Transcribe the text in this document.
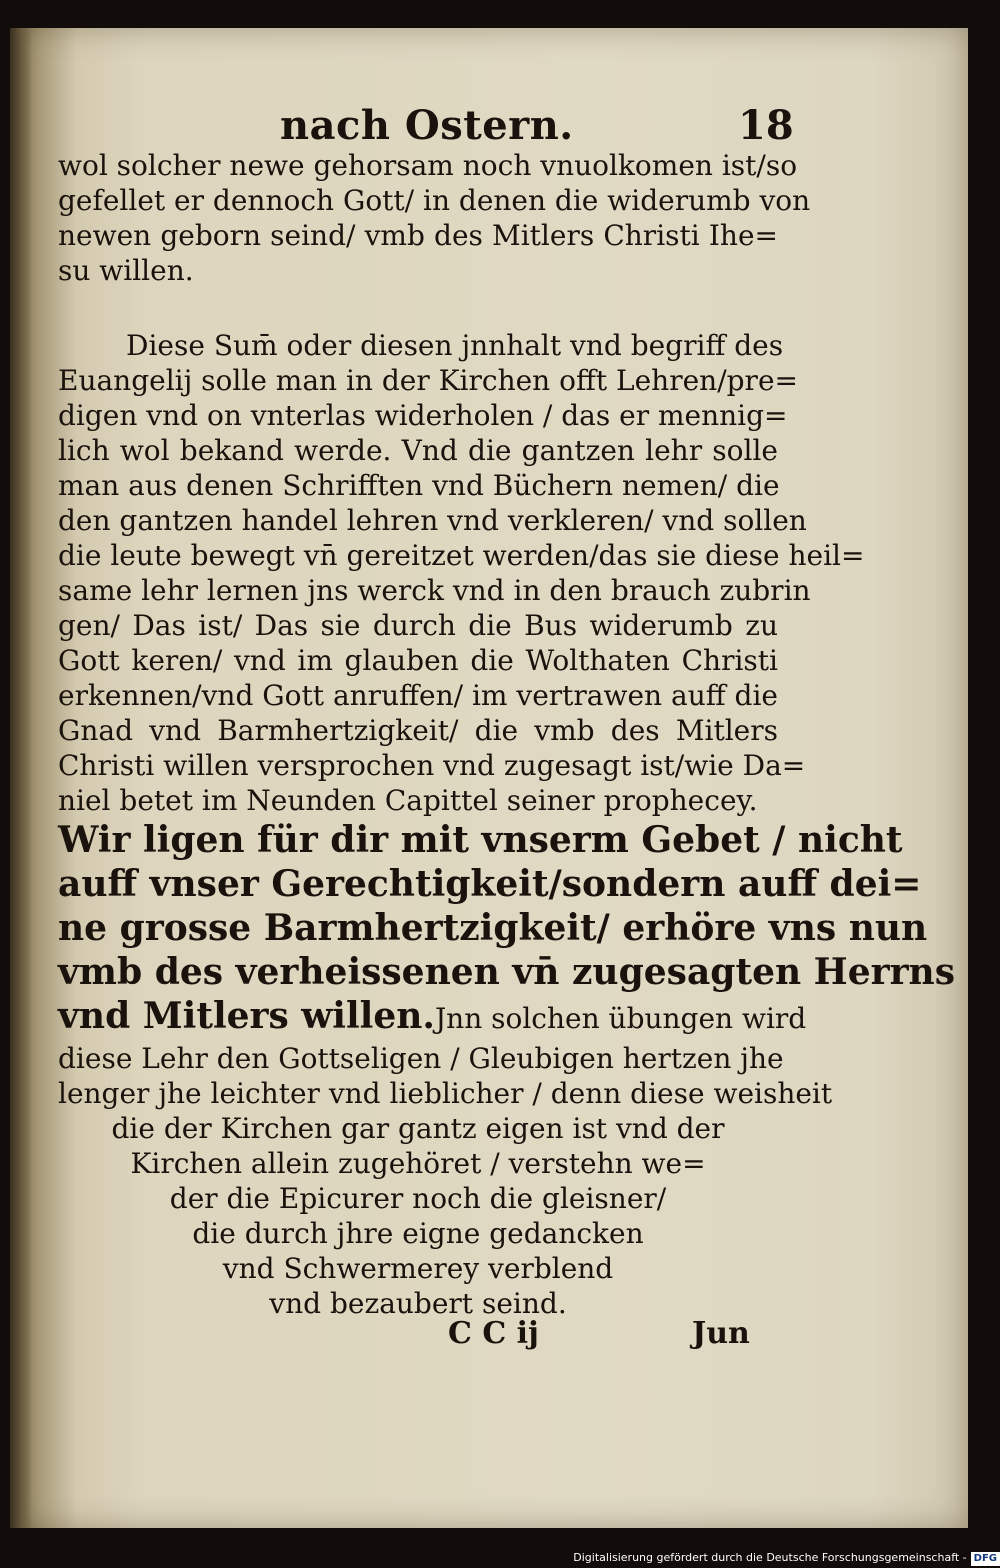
nach Ostern.	18
wol solcher newe gehorsam noch vnuolkomen ist/so
gefellet er dennoch Gott/ in denen die widerumb von
newen geborn seind/ vmb des Mitlers Christi Ihe=
su willen.
Diese Sum̄ oder diesen jnnhalt vnd begriff des
Euangelij solle man in der Kirchen offt Lehren/pre=
digen vnd on vnterlas widerholen / das er mennig=
lich wol bekand werde. Vnd die gantzen lehr solle
man aus denen Schrifften vnd Büchern nemen/ die
den gantzen handel lehren vnd verkleren/ vnd sollen
die leute bewegt vn̄ gereitzet werden/das sie diese heil=
same lehr lernen jns werck vnd in den brauch zubrin
gen/ Das ist/ Das sie durch die Bus widerumb zu
Gott keren/ vnd im glauben die Wolthaten Christi
erkennen/vnd Gott anruffen/ im vertrawen auff die
Gnad vnd Barmhertzigkeit/ die vmb des Mitlers
Christi willen versprochen vnd zugesagt ist/wie Da=
niel betet im Neunden Capittel seiner prophecey.
Wir ligen für dir mit vnserm Gebet / nicht
auff vnser Gerechtigkeit/sondern auff dei=
ne grosse Barmhertzigkeit/ erhöre vns nun
vmb des verheissenen vn̄ zugesagten Herrns
vnd Mitlers willen.Jnn solchen übungen wird
diese Lehr den Gottseligen / Gleubigen hertzen jhe
lenger jhe leichter vnd lieblicher / denn diese weisheit
die der Kirchen gar gantz eigen ist vnd der
Kirchen allein zugehöret / verstehn we=
der die Epicurer noch die gleisner/
die durch jhre eigne gedancken
vnd Schwermerey verblend
vnd bezaubert seind.
C C ij	Jun
Digitalisierung gefördert durch die Deutsche Forschungsgemeinschaft - DFG
